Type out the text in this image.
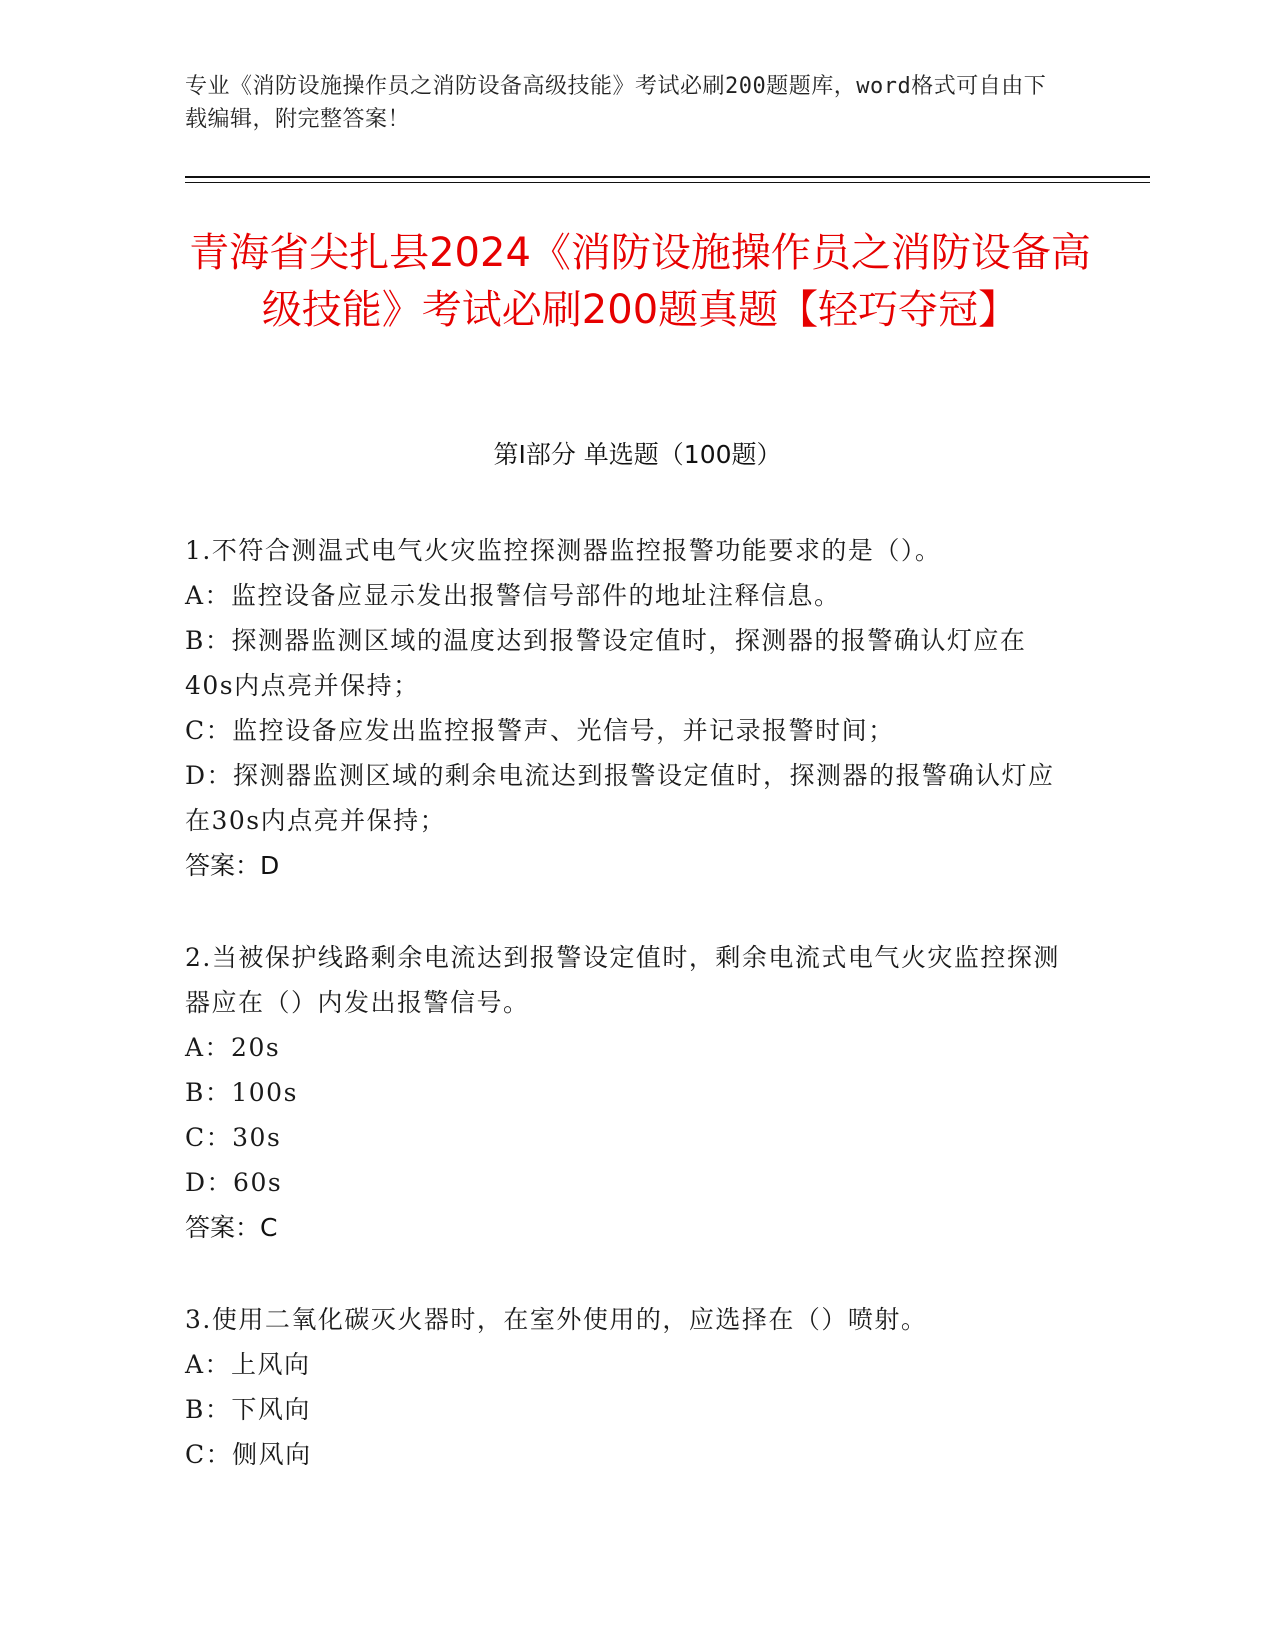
专业《消防设施操作员之消防设备高级技能》考试必刷200题题库，word格式可自由下载编辑，附完整答案！
青海省尖扎县2024《消防设施操作员之消防设备高级技能》考试必刷200题真题【轻巧夺冠】
第Ⅰ部分 单选题（100题）
1.不符合测温式电气火灾监控探测器监控报警功能要求的是（）。
A：监控设备应显示发出报警信号部件的地址注释信息。
B：探测器监测区域的温度达到报警设定值时，探测器的报警确认灯应在40s内点亮并保持；
C：监控设备应发出监控报警声、光信号，并记录报警时间；
D：探测器监测区域的剩余电流达到报警设定值时，探测器的报警确认灯应在30s内点亮并保持；
答案：D
2.当被保护线路剩余电流达到报警设定值时，剩余电流式电气火灾监控探测器应在（）内发出报警信号。
A：20s
B：100s
C：30s
D：60s
答案：C
3.使用二氧化碳灭火器时，在室外使用的，应选择在（）喷射。
A：上风向
B：下风向
C：侧风向
